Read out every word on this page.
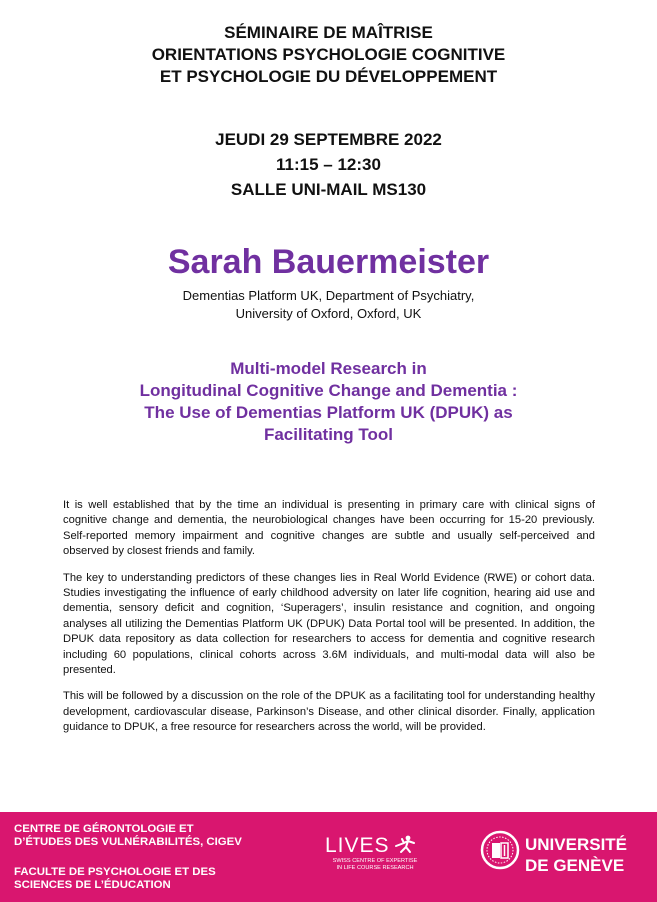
SÉMINAIRE DE MAÎTRISE
ORIENTATIONS PSYCHOLOGIE COGNITIVE
ET PSYCHOLOGIE DU DÉVELOPPEMENT
JEUDI 29 SEPTEMBRE 2022
11:15 – 12:30
SALLE UNI-MAIL MS130
Sarah Bauermeister
Dementias Platform UK, Department of Psychiatry,
University of Oxford, Oxford, UK
Multi-model Research in
Longitudinal Cognitive Change and Dementia :
The Use of Dementias Platform UK (DPUK) as
Facilitating Tool

It is well established that by the time an individual is presenting in primary care with clinical signs of cognitive change and dementia, the neurobiological changes have been occurring for 15-20 previously. Self-reported memory impairment and cognitive changes are subtle and usually self-perceived and observed by closest friends and family.

The key to understanding predictors of these changes lies in Real World Evidence (RWE) or cohort data. Studies investigating the influence of early childhood adversity on later life cognition, hearing aid use and dementia, sensory deficit and cognition, ‘Superagers’, insulin resistance and cognition, and ongoing analyses all utilizing the Dementias Platform UK (DPUK) Data Portal tool will be presented. In addition, the DPUK data repository as data collection for researchers to access for dementia and cognitive research including 60 populations, clinical cohorts across 3.6M individuals, and multi-modal data will also be presented.

This will be followed by a discussion on the role of the DPUK as a facilitating tool for understanding healthy development, cardiovascular disease, Parkinson’s Disease, and other clinical disorder. Finally, application guidance to DPUK, a free resource for researchers across the world, will be provided.

CENTRE DE GÉRONTOLOGIE ET
D’ÉTUDES DES VULNÉRABILITÉS, CIGEV
FACULTE DE PSYCHOLOGIE ET DES
SCIENCES DE L’ÉDUCATION
LIVES
SWISS CENTRE OF EXPERTISE
IN LIFE COURSE RESEARCH
UNIVERSITÉ
DE GENÈVE
